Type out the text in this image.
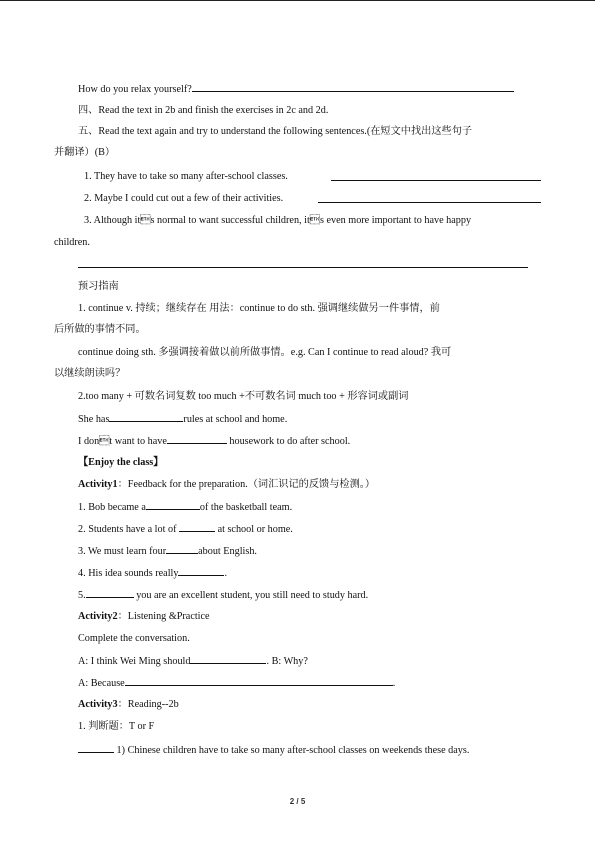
How do you relax yourself?
四、Read the text in 2b and finish the exercises in 2c and 2d.
五、Read the text again and try to understand the following sentences.(在短文中找出这些句子
并翻译）(B）
1. They have to take so many after-school classes.
2. Maybe I could cut out a few of their activities.
3. Although its normal to want successful children, its even more important to have happy
children.
预习指南
1. continue v. 持续；继续存在 用法：continue to do sth. 强调继续做另一件事情，前
后所做的事情不同。
continue doing sth. 多强调接着做以前所做事情。e.g. Can I continue to read aloud? 我可
以继续朗读吗？
2.too many + 可数名词复数 too much +不可数名词 much too + 形容词或副词
She has	rules at school and home.
I dont want to have	housework to do after school.
【Enjoy the class】
Activity1：Feedback for the preparation.（词汇识记的反馈与检测。）
1. Bob became a	of the basketball team.
2. Students have a lot of	at school or home.
3. We must learn four	about English.
4. His idea sounds really	.
5.	you are an excellent student, you still need to study hard.
Activity2：Listening &Practice
Complete the conversation.
A: I think Wei Ming should	. B: Why?
A: Because	.
Activity3：Reading--2b
1. 判断题：T or F
1) Chinese children have to take so many after-school classes on weekends these days.
2 / 5
